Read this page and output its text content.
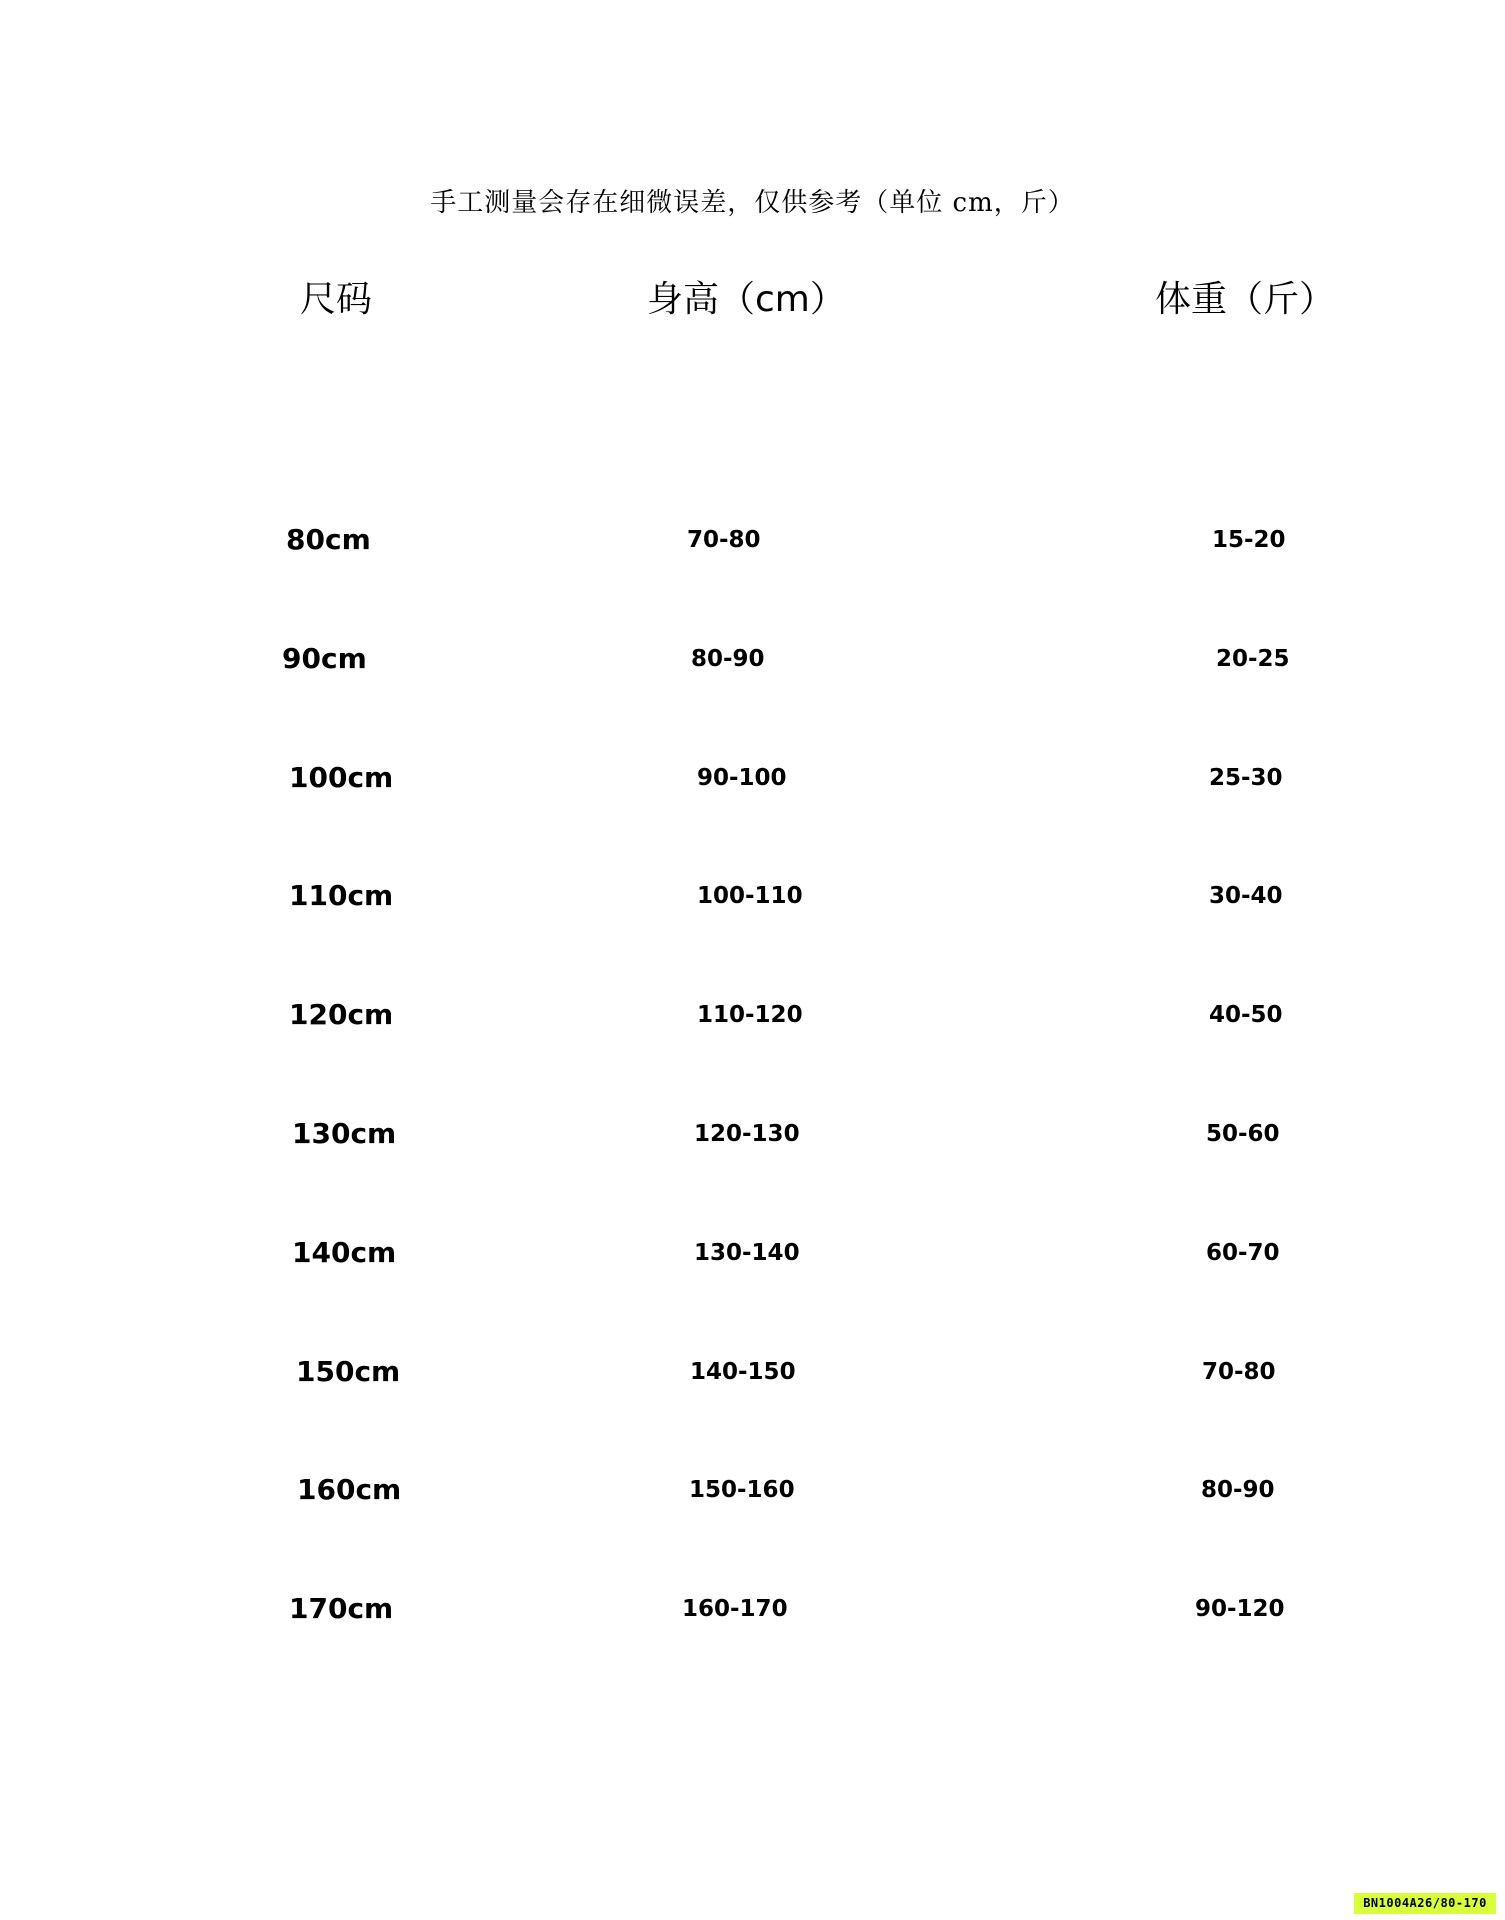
手工测量会存在细微误差，仅供参考（单位 cm，斤）
尺码	身高（cm）	体重（斤）
80cm	70-80	15-20
90cm	80-90	20-25
100cm	90-100	25-30
110cm	100-110	30-40
120cm	110-120	40-50
130cm	120-130	50-60
140cm	130-140	60-70
150cm	140-150	70-80
160cm	150-160	80-90
170cm	160-170	90-120
BN1004A26/80-170
